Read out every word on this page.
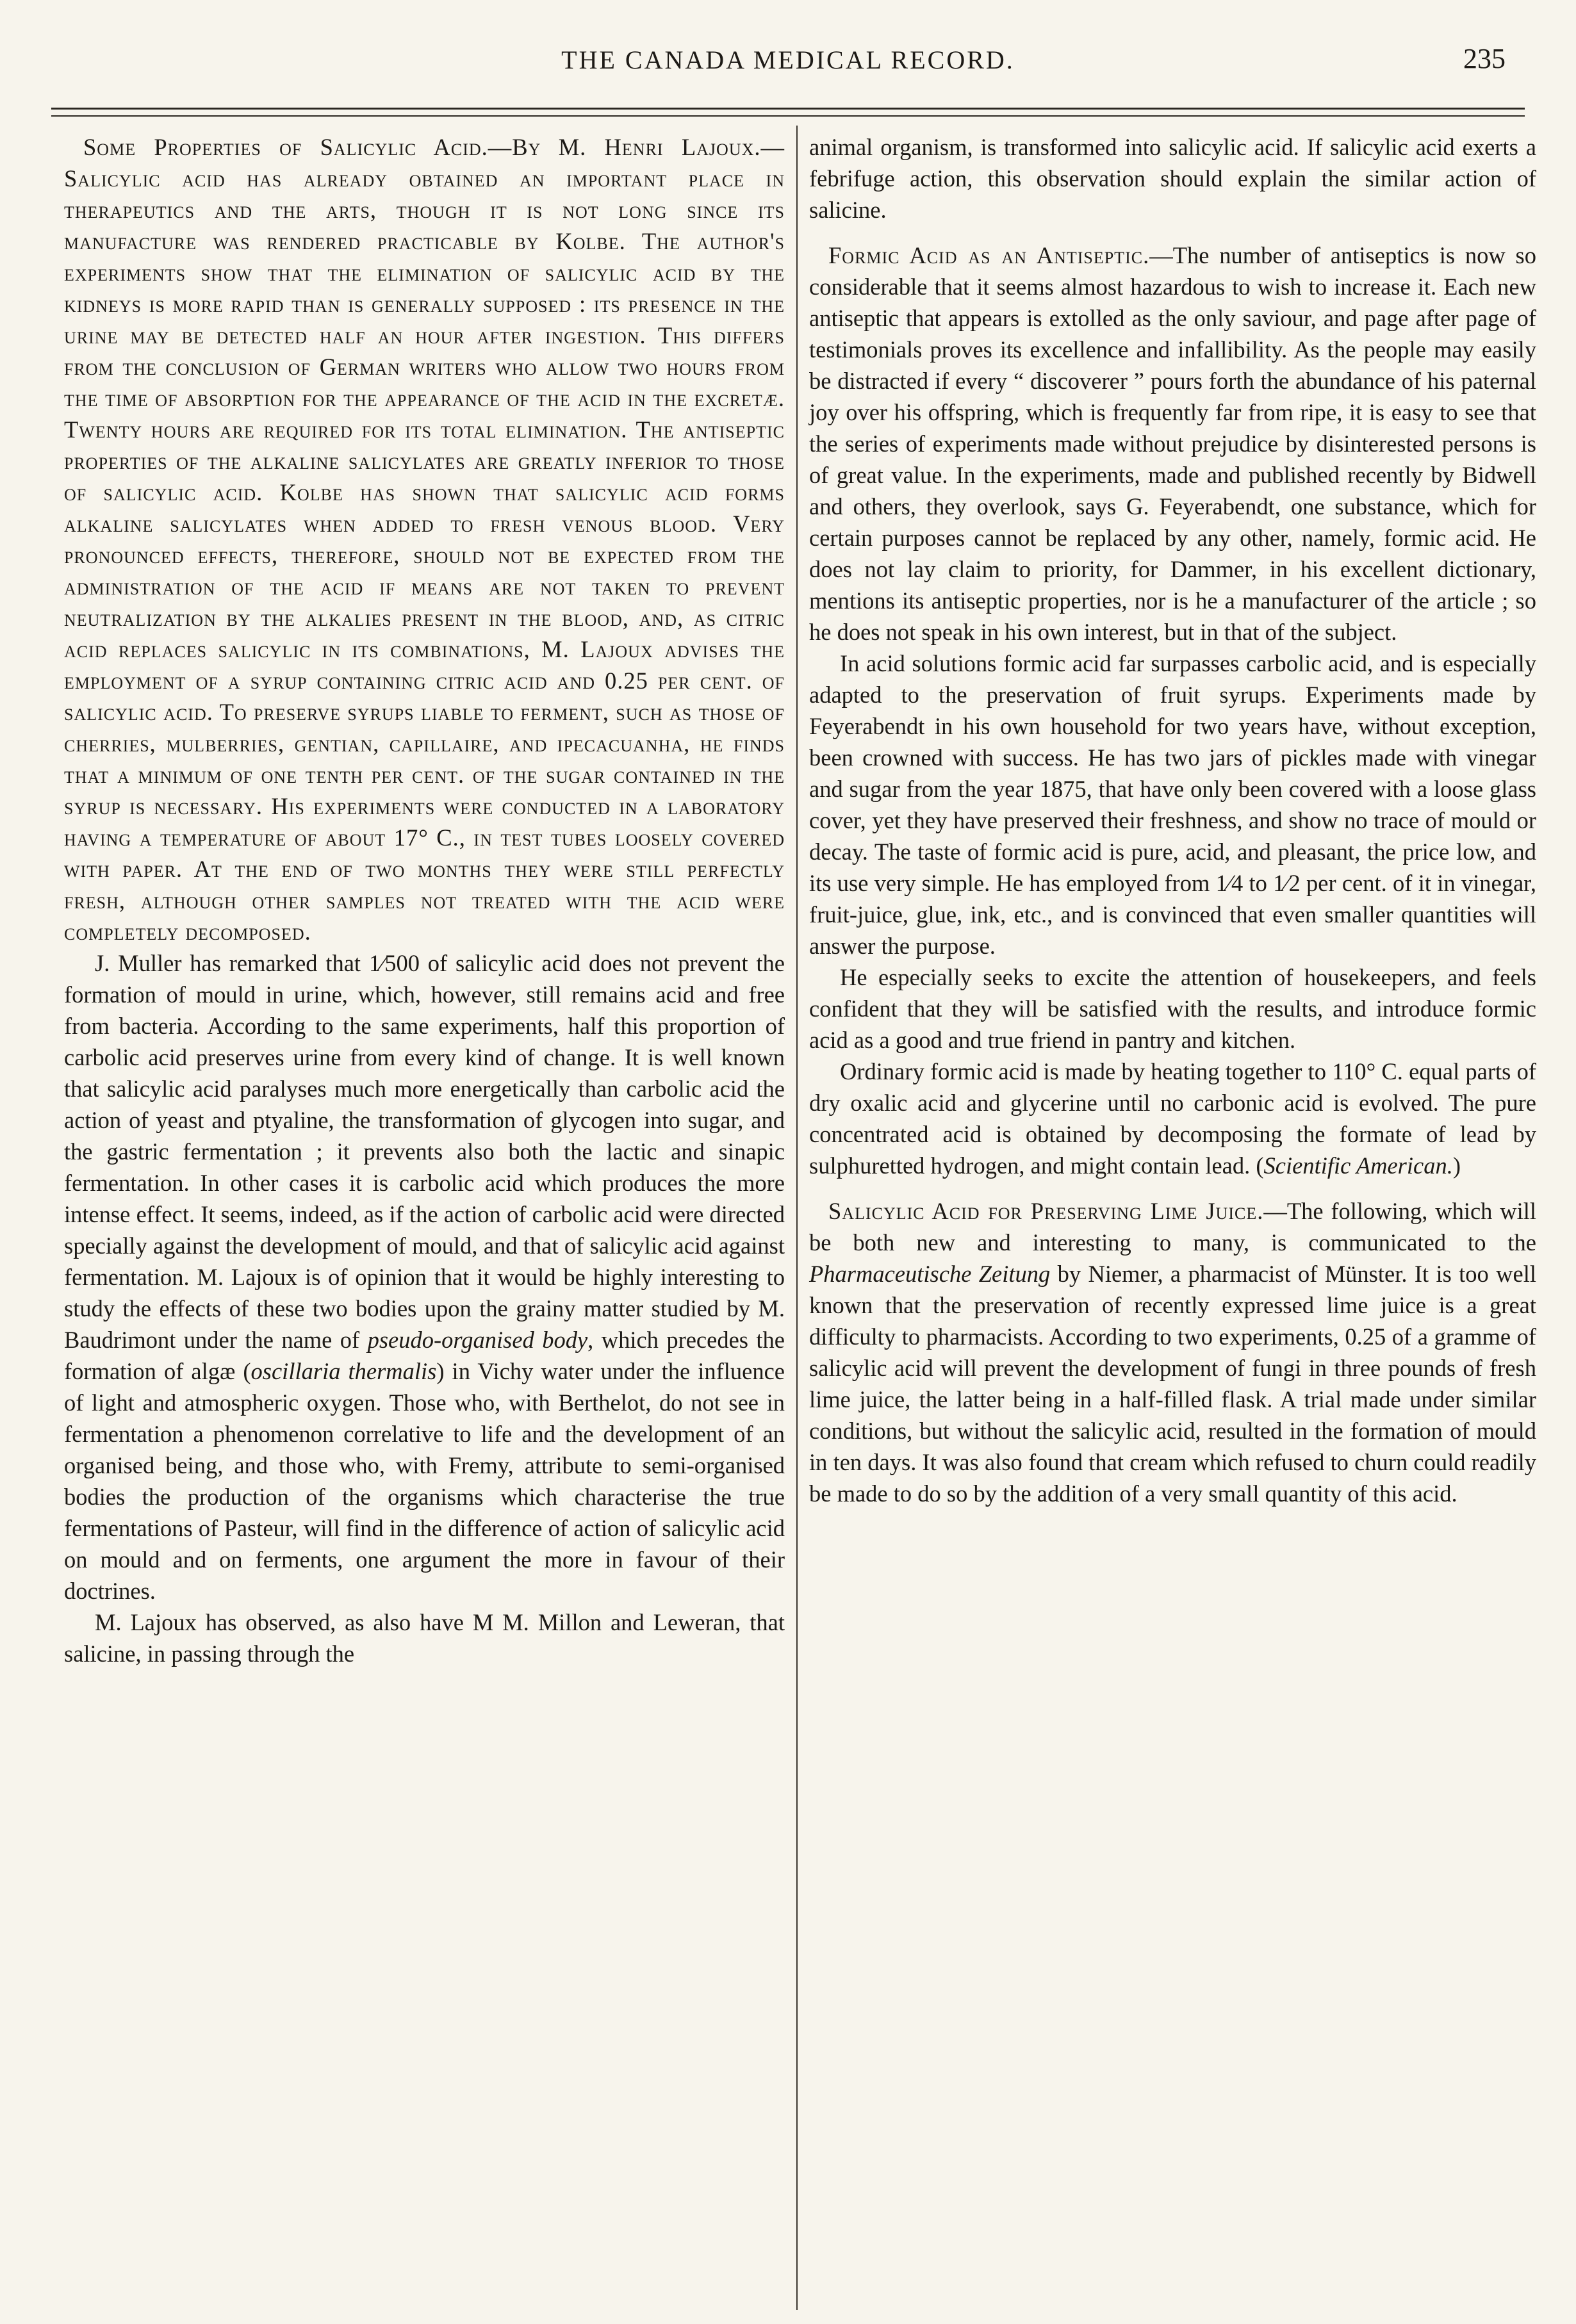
THE CANADA MEDICAL RECORD.	235

Some Properties of Salicylic Acid.—By M. Henri Lajoux.—Salicylic acid has already obtained an important place in therapeutics and the arts, though it is not long since its manufacture was rendered practicable by Kolbe. The author's experiments show that the elimination of salicylic acid by the kidneys is more rapid than is generally supposed : its presence in the urine may be detected half an hour after ingestion. This differs from the conclusion of German writers who allow two hours from the time of absorption for the appearance of the acid in the excretæ. Twenty hours are required for its total elimination. The antiseptic properties of the alkaline salicylates are greatly inferior to those of salicylic acid. Kolbe has shown that salicylic acid forms alkaline salicylates when added to fresh venous blood. Very pronounced effects, therefore, should not be expected from the administration of the acid if means are not taken to prevent neutralization by the alkalies present in the blood, and, as citric acid replaces salicylic in its combinations, M. Lajoux advises the employment of a syrup containing citric acid and 0.25 per cent. of salicylic acid. To preserve syrups liable to ferment, such as those of cherries, mulberries, gentian, capillaire, and ipecacuanha, he finds that a minimum of one tenth per cent. of the sugar contained in the syrup is necessary. His experiments were conducted in a laboratory having a temperature of about 17° C., in test tubes loosely covered with paper. At the end of two months they were still perfectly fresh, although other samples not treated with the acid were completely decomposed.

J. Muller has remarked that 1⁄500 of salicylic acid does not prevent the formation of mould in urine, which, however, still remains acid and free from bacteria. According to the same experiments, half this proportion of carbolic acid preserves urine from every kind of change. It is well known that salicylic acid paralyses much more energetically than carbolic acid the action of yeast and ptyaline, the transformation of glycogen into sugar, and the gastric fermentation ; it prevents also both the lactic and sinapic fermentation. In other cases it is carbolic acid which produces the more intense effect. It seems, indeed, as if the action of carbolic acid were directed specially against the development of mould, and that of salicylic acid against fermentation. M. Lajoux is of opinion that it would be highly interesting to study the effects of these two bodies upon the grainy matter studied by M. Baudrimont under the name of pseudo-organised body, which precedes the formation of algæ (oscillaria thermalis) in Vichy water under the influence of light and atmospheric oxygen. Those who, with Berthelot, do not see in fermentation a phenomenon correlative to life and the development of an organised being, and those who, with Fremy, attribute to semi-organised bodies the production of the organisms which characterise the true fermentations of Pasteur, will find in the difference of action of salicylic acid on mould and on ferments, one argument the more in favour of their doctrines.

M. Lajoux has observed, as also have M M. Millon and Leweran, that salicine, in passing through the

animal organism, is transformed into salicylic acid. If salicylic acid exerts a febrifuge action, this observation should explain the similar action of salicine.

Formic Acid as an Antiseptic.—The number of antiseptics is now so considerable that it seems almost hazardous to wish to increase it. Each new antiseptic that appears is extolled as the only saviour, and page after page of testimonials proves its excellence and infallibility. As the people may easily be distracted if every “ discoverer ” pours forth the abundance of his paternal joy over his offspring, which is frequently far from ripe, it is easy to see that the series of experiments made without prejudice by disinterested persons is of great value. In the experiments, made and published recently by Bidwell and others, they overlook, says G. Feyerabendt, one substance, which for certain purposes cannot be replaced by any other, namely, formic acid. He does not lay claim to priority, for Dammer, in his excellent dictionary, mentions its antiseptic properties, nor is he a manufacturer of the article ; so he does not speak in his own interest, but in that of the subject.

In acid solutions formic acid far surpasses carbolic acid, and is especially adapted to the preservation of fruit syrups. Experiments made by Feyerabendt in his own household for two years have, without exception, been crowned with success. He has two jars of pickles made with vinegar and sugar from the year 1875, that have only been covered with a loose glass cover, yet they have preserved their freshness, and show no trace of mould or decay. The taste of formic acid is pure, acid, and pleasant, the price low, and its use very simple. He has employed from 1⁄4 to 1⁄2 per cent. of it in vinegar, fruit-juice, glue, ink, etc., and is convinced that even smaller quantities will answer the purpose.

He especially seeks to excite the attention of housekeepers, and feels confident that they will be satisfied with the results, and introduce formic acid as a good and true friend in pantry and kitchen.

Ordinary formic acid is made by heating together to 110° C. equal parts of dry oxalic acid and glycerine until no carbonic acid is evolved. The pure concentrated acid is obtained by decomposing the formate of lead by sulphuretted hydrogen, and might contain lead. (Scientific American.)

Salicylic Acid for Preserving Lime Juice.—The following, which will be both new and interesting to many, is communicated to the Pharmaceutische Zeitung by Niemer, a pharmacist of Münster. It is too well known that the preservation of recently expressed lime juice is a great difficulty to pharmacists. According to two experiments, 0.25 of a gramme of salicylic acid will prevent the development of fungi in three pounds of fresh lime juice, the latter being in a half-filled flask. A trial made under similar conditions, but without the salicylic acid, resulted in the formation of mould in ten days. It was also found that cream which refused to churn could readily be made to do so by the addition of a very small quantity of this acid.
